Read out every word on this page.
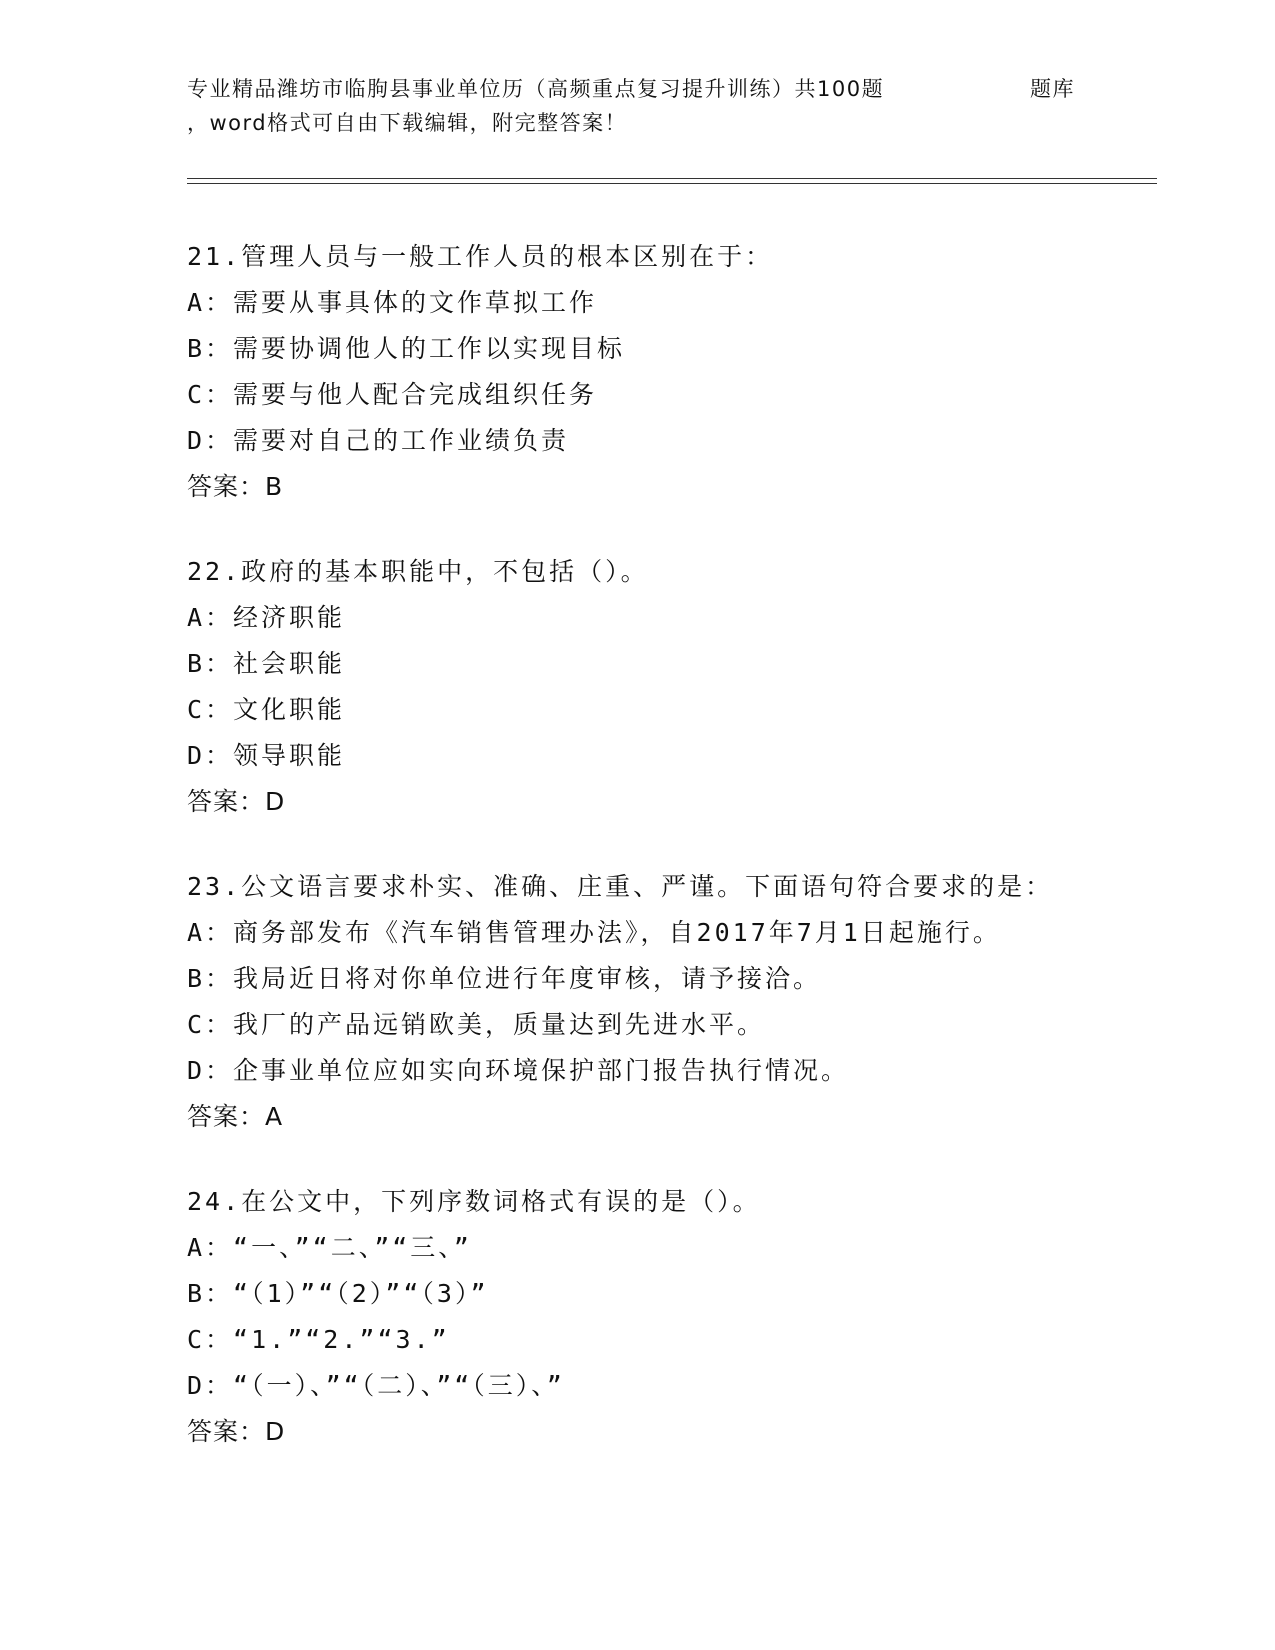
专业精品潍坊市临朐县事业单位历（高频重点复习提升训练）共100题	题库
，word格式可自由下载编辑，附完整答案！
21.管理人员与一般工作人员的根本区别在于：
A：需要从事具体的文作草拟工作
B：需要协调他人的工作以实现目标
C：需要与他人配合完成组织任务
D：需要对自己的工作业绩负责
答案：B
22.政府的基本职能中，不包括（）。
A：经济职能
B：社会职能
C：文化职能
D：领导职能
答案：D
23.公文语言要求朴实、准确、庄重、严谨。下面语句符合要求的是：
A：商务部发布《汽车销售管理办法》，自2017年7月1日起施行。
B：我局近日将对你单位进行年度审核，请予接洽。
C：我厂的产品远销欧美，质量达到先进水平。
D：企事业单位应如实向环境保护部门报告执行情况。
答案：A
24.在公文中，下列序数词格式有误的是（）。
A：“一、”“二、”“三、”
B：“（1）”“（2）”“（3）”
C：“1.”“2.”“3.”
D：“（一）、”“（二）、”“（三）、”
答案：D
